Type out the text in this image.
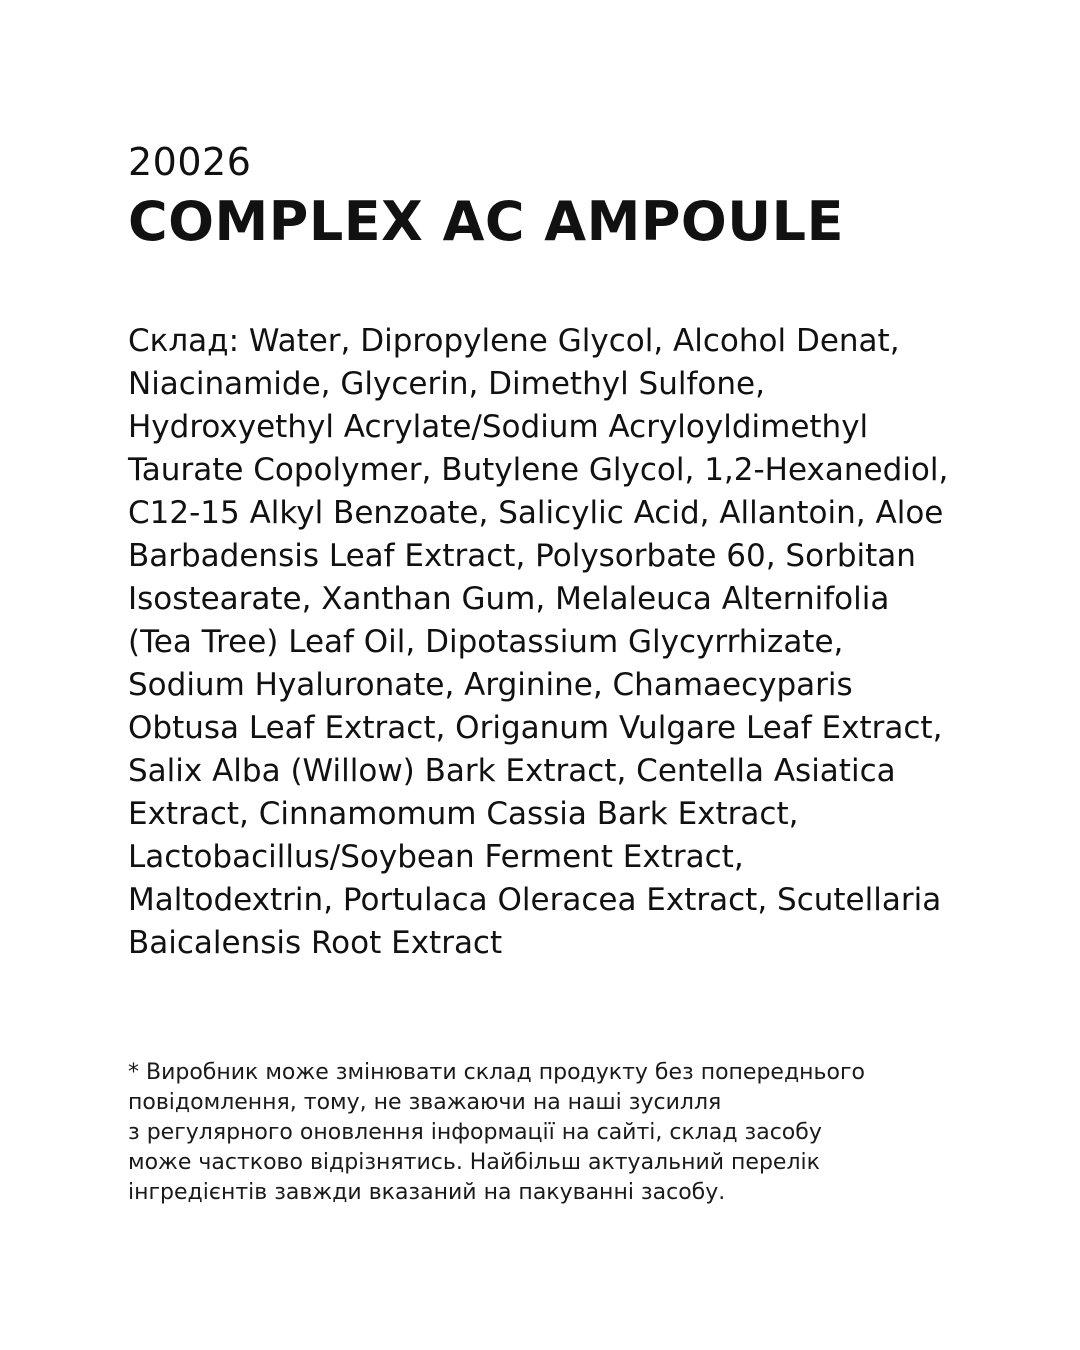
20026

COMPLEX AC AMPOULE
Склад: Water, Dipropylene Glycol, Alcohol Denat,
Niacinamide, Glycerin, Dimethyl Sulfone,
Hydroxyethyl Acrylate/Sodium Acryloyldimethyl
Taurate Copolymer, Butylene Glycol, 1,2-Hexanediol,
C12-15 Alkyl Benzoate, Salicylic Acid, Allantoin, Aloe
Barbadensis Leaf Extract, Polysorbate 60, Sorbitan
Isostearate, Xanthan Gum, Melaleuca Alternifolia
(Tea Tree) Leaf Oil, Dipotassium Glycyrrhizate,
Sodium Hyaluronate, Arginine, Chamaecyparis
Obtusa Leaf Extract, Origanum Vulgare Leaf Extract,
Salix Alba (Willow) Bark Extract, Centella Asiatica
Extract, Cinnamomum Cassia Bark Extract,
Lactobacillus/Soybean Ferment Extract,
Maltodextrin, Portulaca Oleracea Extract, Scutellaria
Baicalensis Root Extract
* Виробник може змінювати склад продукту без попереднього
повідомлення, тому, не зважаючи на наші зусилля
з регулярного оновлення інформації на сайті, склад засобу
може частково відрізнятись. Найбільш актуальний перелік
інгредієнтів завжди вказаний на пакуванні засобу.
